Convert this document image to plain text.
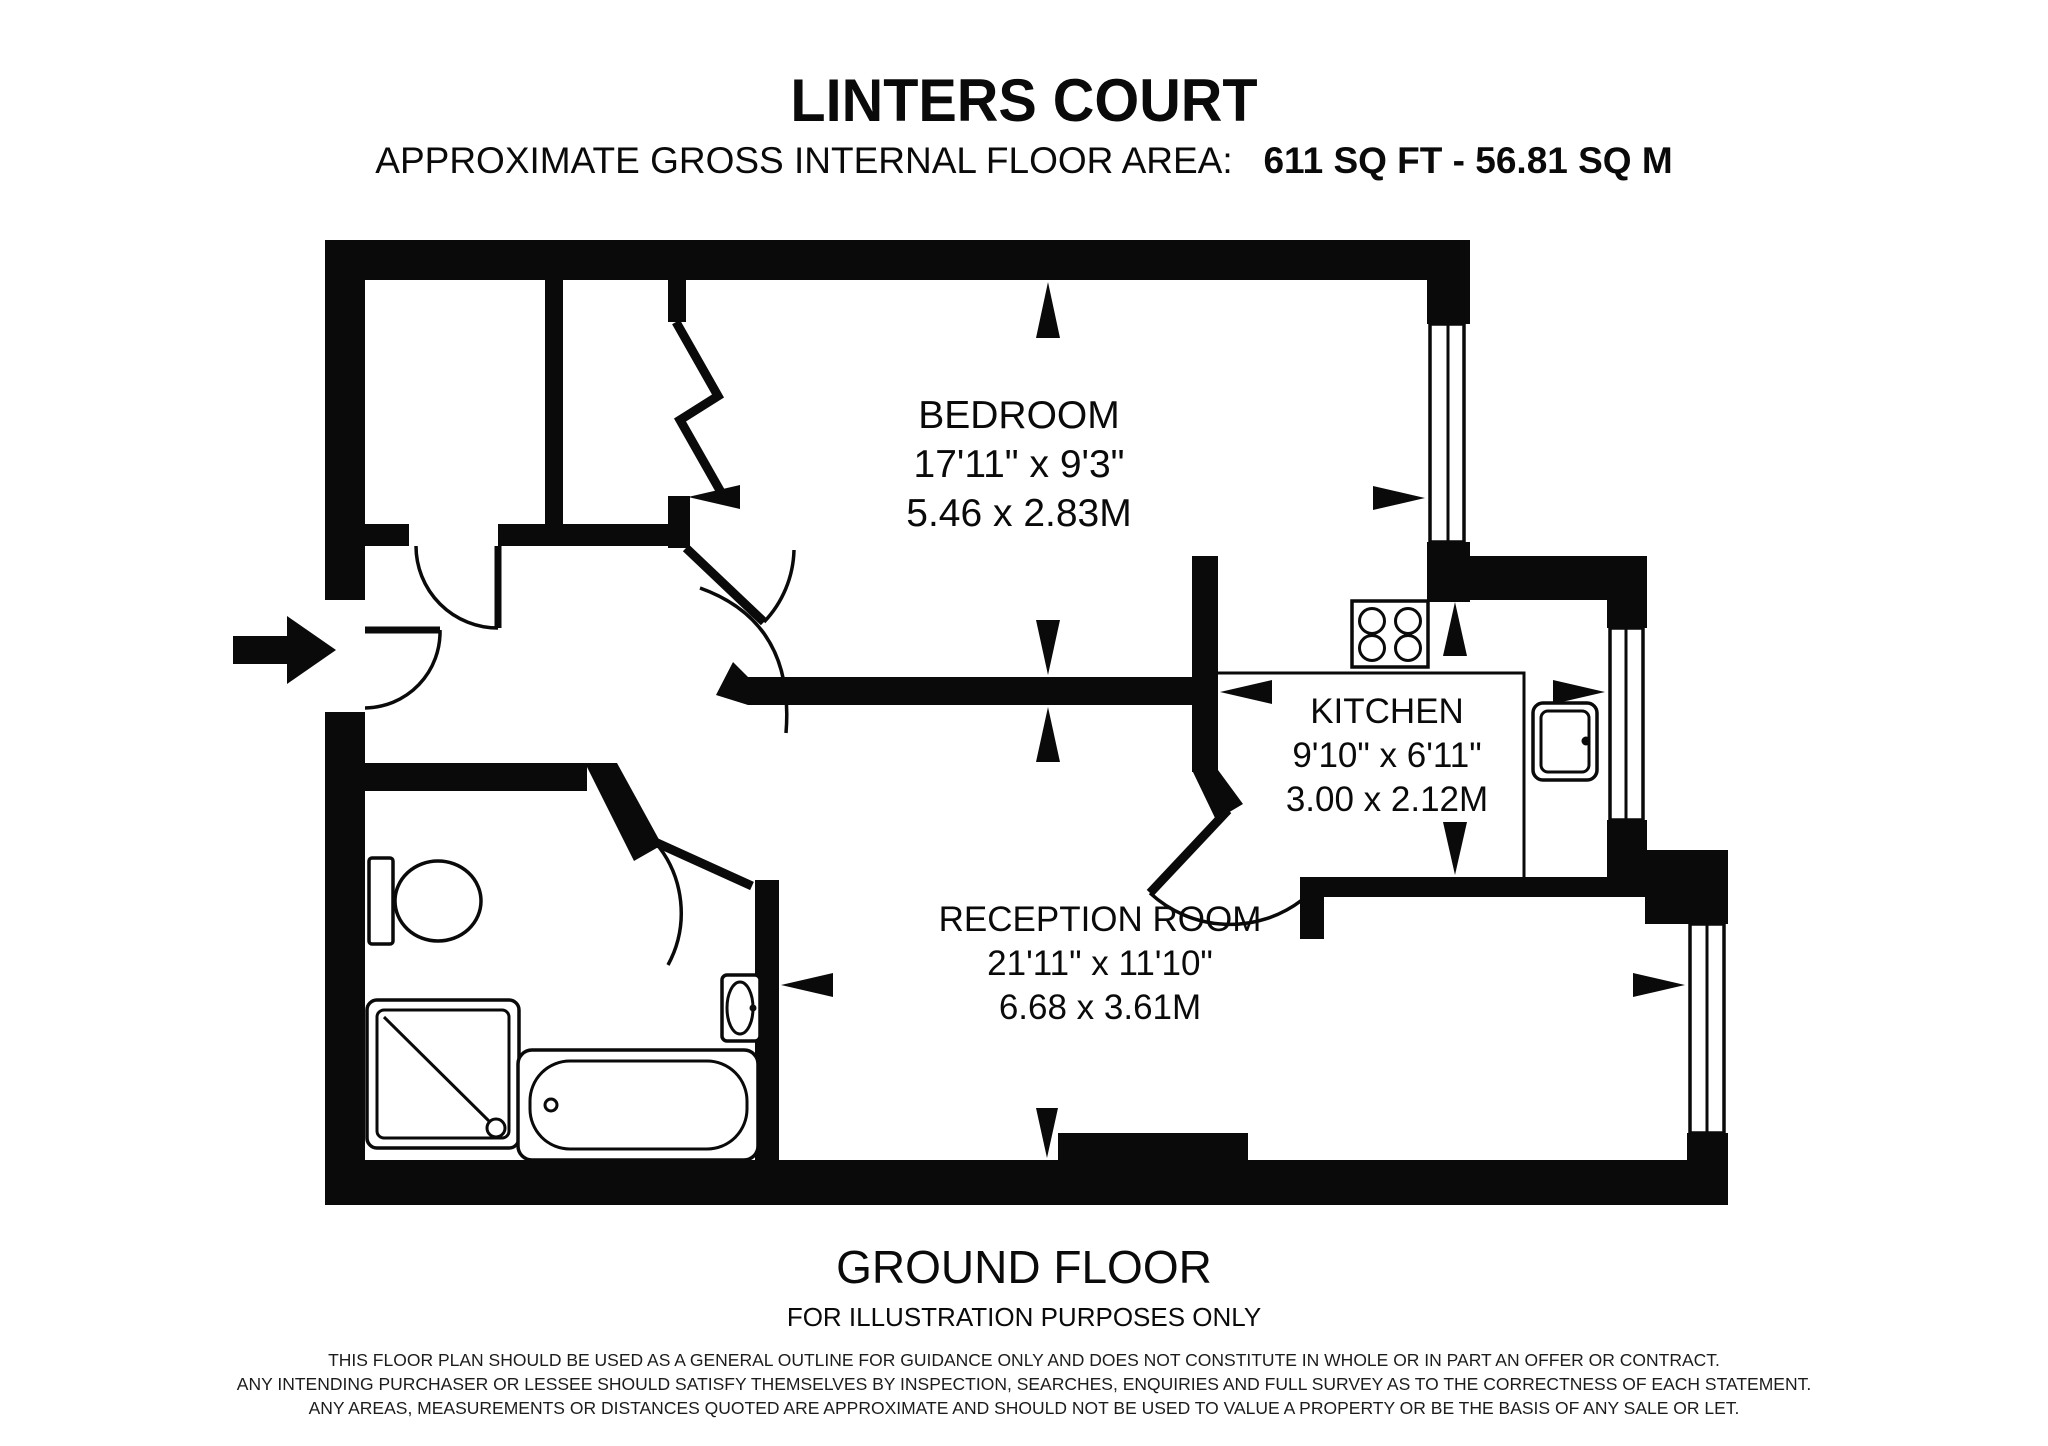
LINTERS COURT
APPROXIMATE GROSS INTERNAL FLOOR AREA: 611 SQ FT - 56.81 SQ M
BEDROOM
17'11" x 9'3"
5.46 x 2.83M
KITCHEN
9'10" x 6'11"
3.00 x 2.12M
RECEPTION ROOM
21'11" x 11'10"
6.68 x 3.61M
GROUND FLOOR
FOR ILLUSTRATION PURPOSES ONLY
THIS FLOOR PLAN SHOULD BE USED AS A GENERAL OUTLINE FOR GUIDANCE ONLY AND DOES NOT CONSTITUTE IN WHOLE OR IN PART AN OFFER OR CONTRACT.
ANY INTENDING PURCHASER OR LESSEE SHOULD SATISFY THEMSELVES BY INSPECTION, SEARCHES, ENQUIRIES AND FULL SURVEY AS TO THE CORRECTNESS OF EACH STATEMENT.
ANY AREAS, MEASUREMENTS OR DISTANCES QUOTED ARE APPROXIMATE AND SHOULD NOT BE USED TO VALUE A PROPERTY OR BE THE BASIS OF ANY SALE OR LET.
